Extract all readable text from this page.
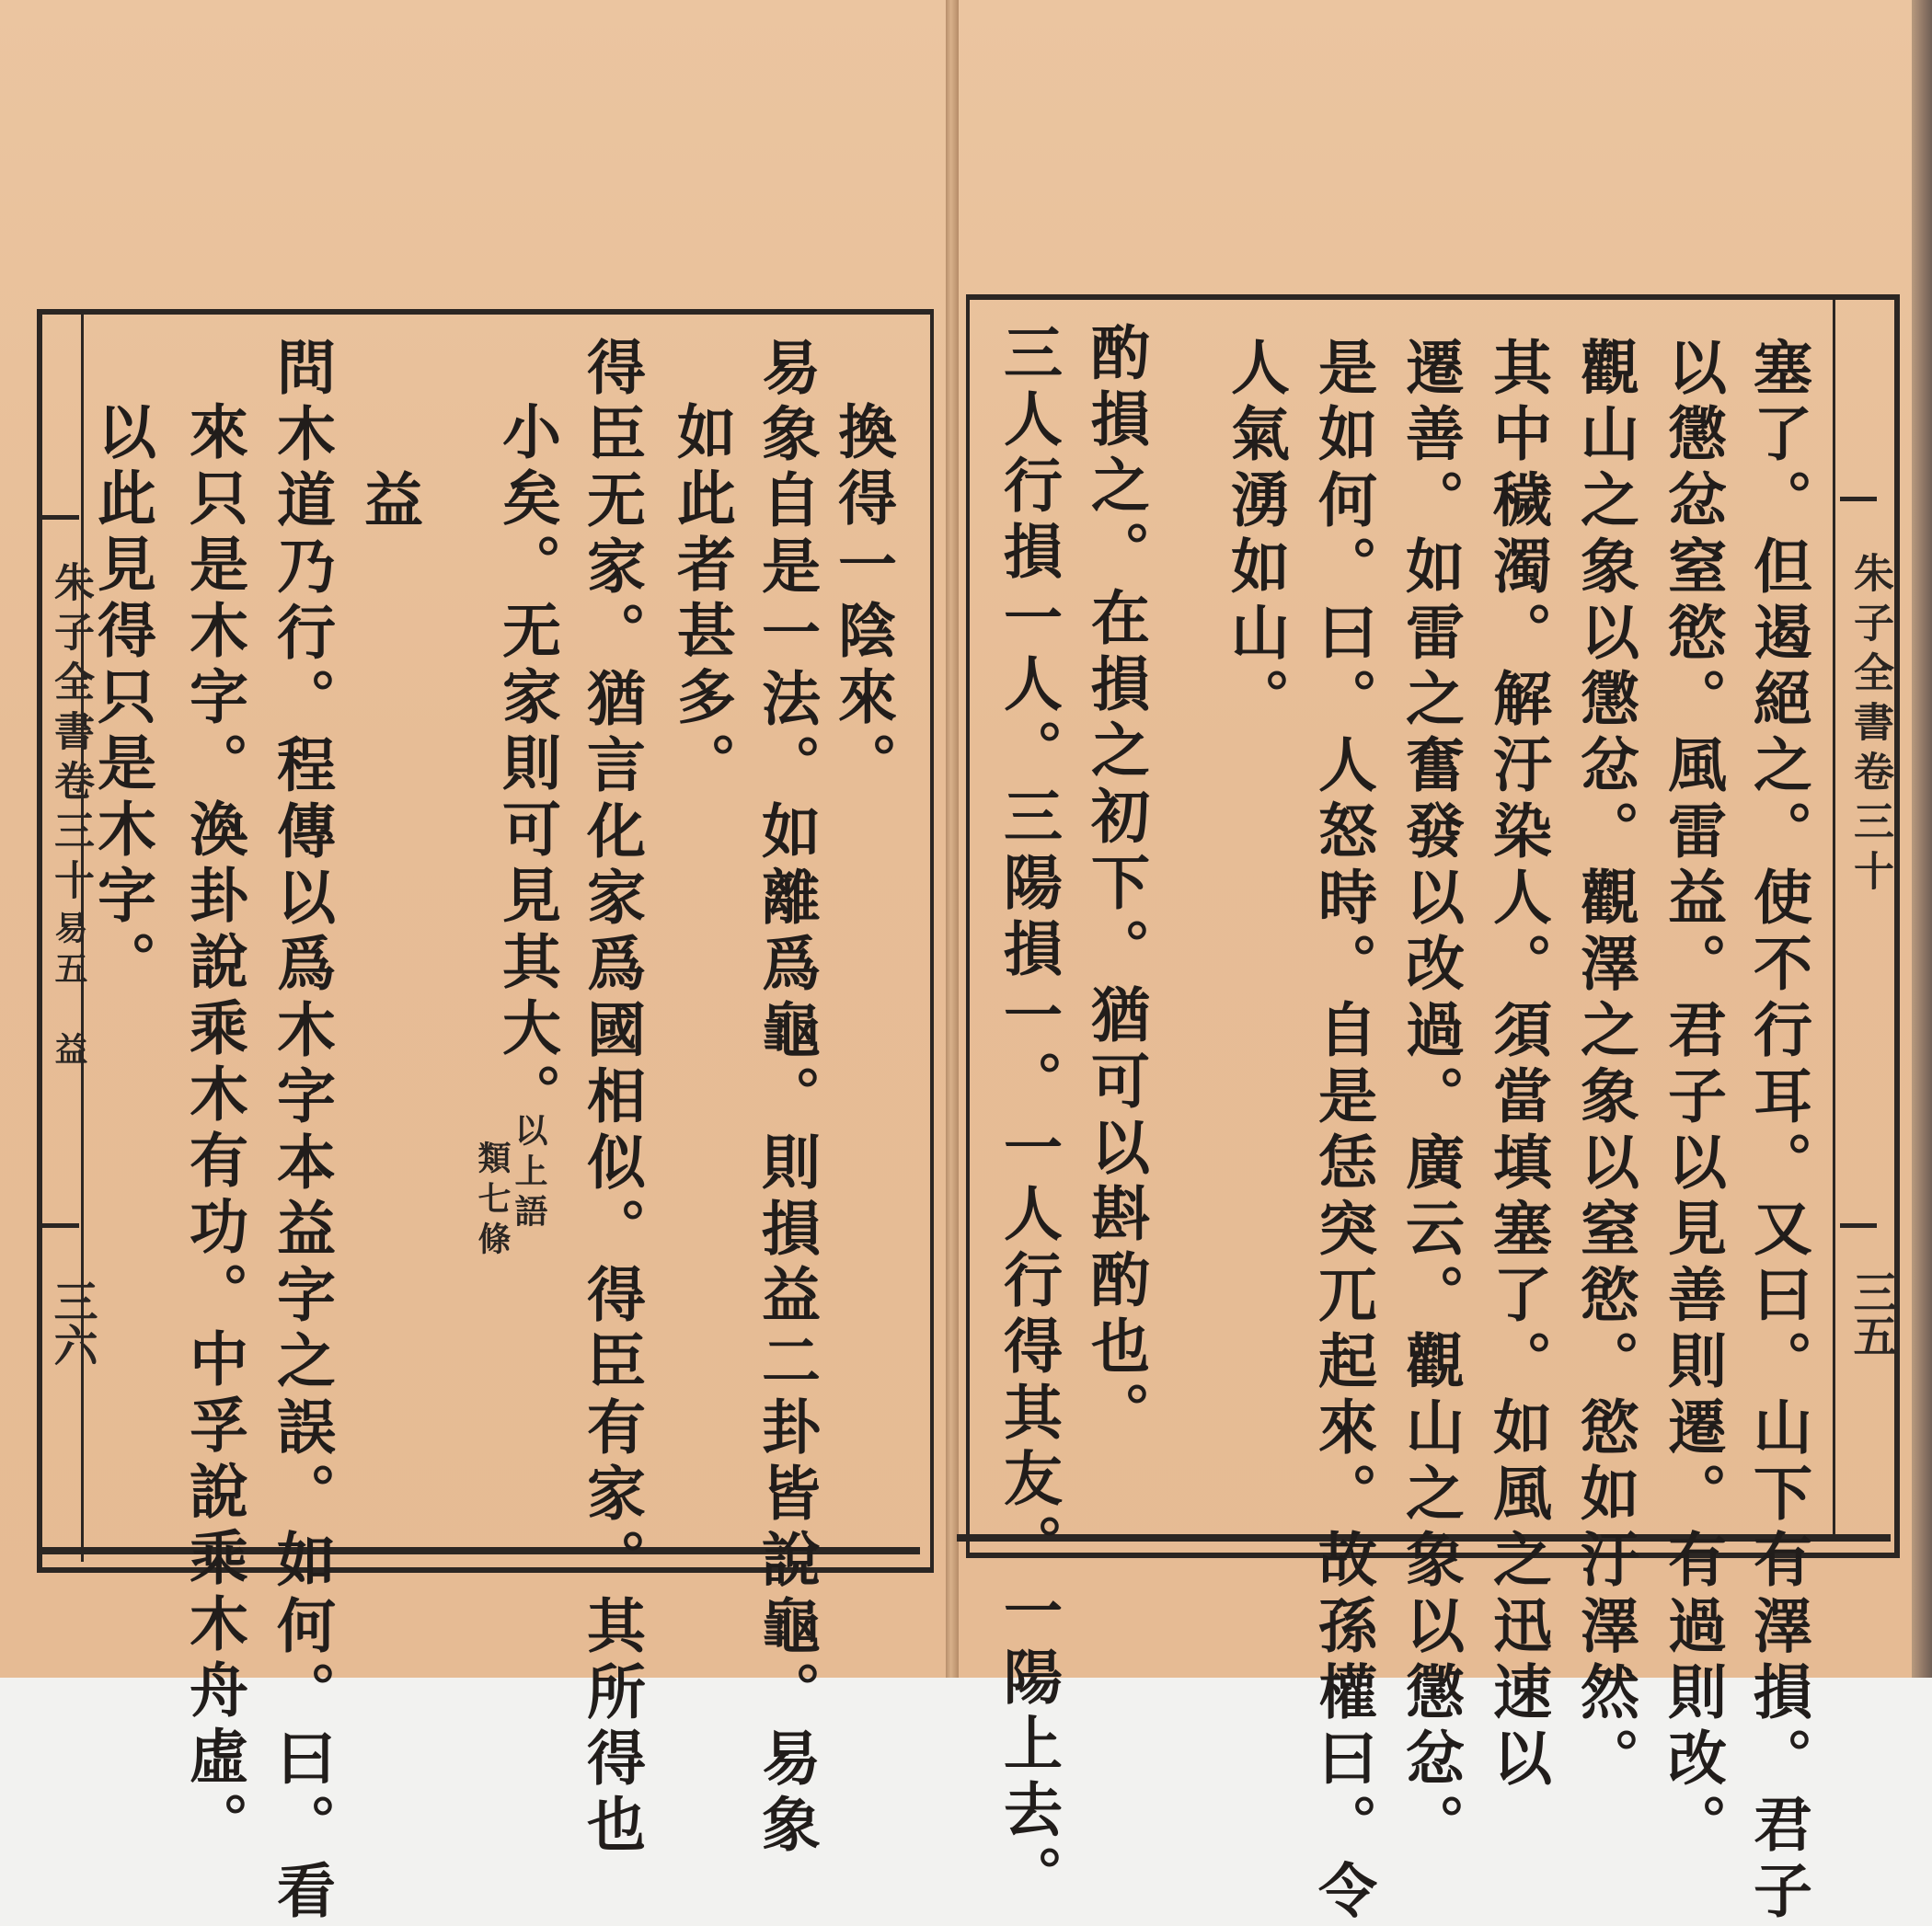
朱子全書卷三十
易五　益
三六
換得一陰來。
易象自是一法。如離爲龜。則損益二卦皆說龜。易象
如此者甚多。
得臣无家。猶言化家爲國相似。得臣有家。其所得也
小矣。无家則可見其大。
以上語
類七條
益
問木道乃行。程傳以爲木字本益字之誤。如何。曰。看
來只是木字。渙卦說乘木有功。中孚說乘木舟虛。
以此見得只是木字。	朱子全書卷三十
三五
塞了。但遏絕之。使不行耳。又曰。山下有澤損。君子
以懲忿窒慾。風雷益。君子以見善則遷。有過則改。
觀山之象以懲忿。觀澤之象以窒慾。慾如汙澤然。
其中穢濁。解汙染人。須當填塞了。如風之迅速以
遷善。如雷之奮發以改過。廣云。觀山之象以懲忿。
是如何。曰。人怒時。自是恁突兀起來。故孫權曰。令
人氣湧如山。
酌損之。在損之初下。猶可以斟酌也。
三人行損一人。三陽損一。一人行得其友。一陽上去。
